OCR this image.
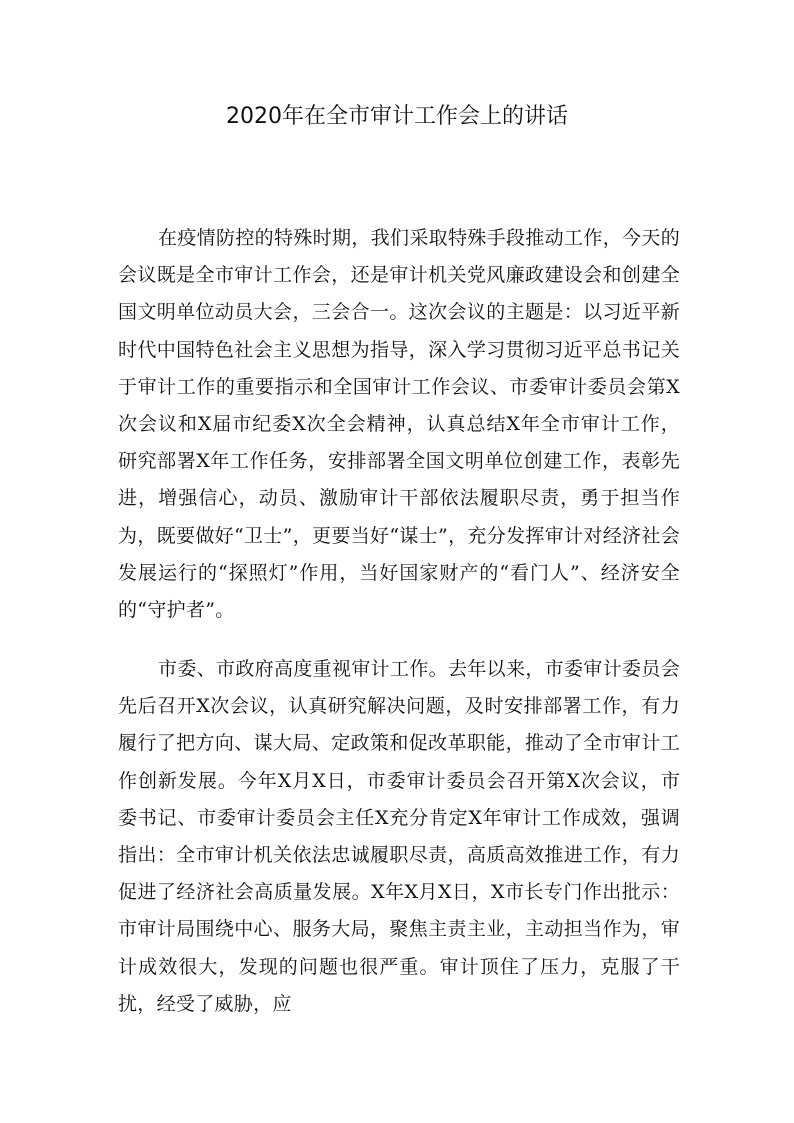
2020年在全市审计工作会上的讲话

在疫情防控的特殊时期，我们采取特殊手段推动工作，今天的会议既是全市审计工作会，还是审计机关党风廉政建设会和创建全国文明单位动员大会，三会合一。这次会议的主题是：以习近平新时代中国特色社会主义思想为指导，深入学习贯彻习近平总书记关于审计工作的重要指示和全国审计工作会议、市委审计委员会第X次会议和X届市纪委X次全会精神，认真总结X年全市审计工作，研究部署X年工作任务，安排部署全国文明单位创建工作，表彰先进，增强信心，动员、激励审计干部依法履职尽责，勇于担当作为，既要做好“卫士”，更要当好“谋士”，充分发挥审计对经济社会发展运行的“探照灯”作用，当好国家财产的“看门人”、经济安全的“守护者”。

市委、市政府高度重视审计工作。去年以来，市委审计委员会先后召开X次会议，认真研究解决问题，及时安排部署工作，有力履行了把方向、谋大局、定政策和促改革职能，推动了全市审计工作创新发展。今年X月X日，市委审计委员会召开第X次会议，市委书记、市委审计委员会主任X充分肯定X年审计工作成效，强调指出：全市审计机关依法忠诚履职尽责，高质高效推进工作，有力促进了经济社会高质量发展。X年X月X日，X市长专门作出批示：市审计局围绕中心、服务大局，聚焦主责主业，主动担当作为，审计成效很大，发现的问题也很严重。审计顶住了压力，克服了干扰，经受了威胁，应
